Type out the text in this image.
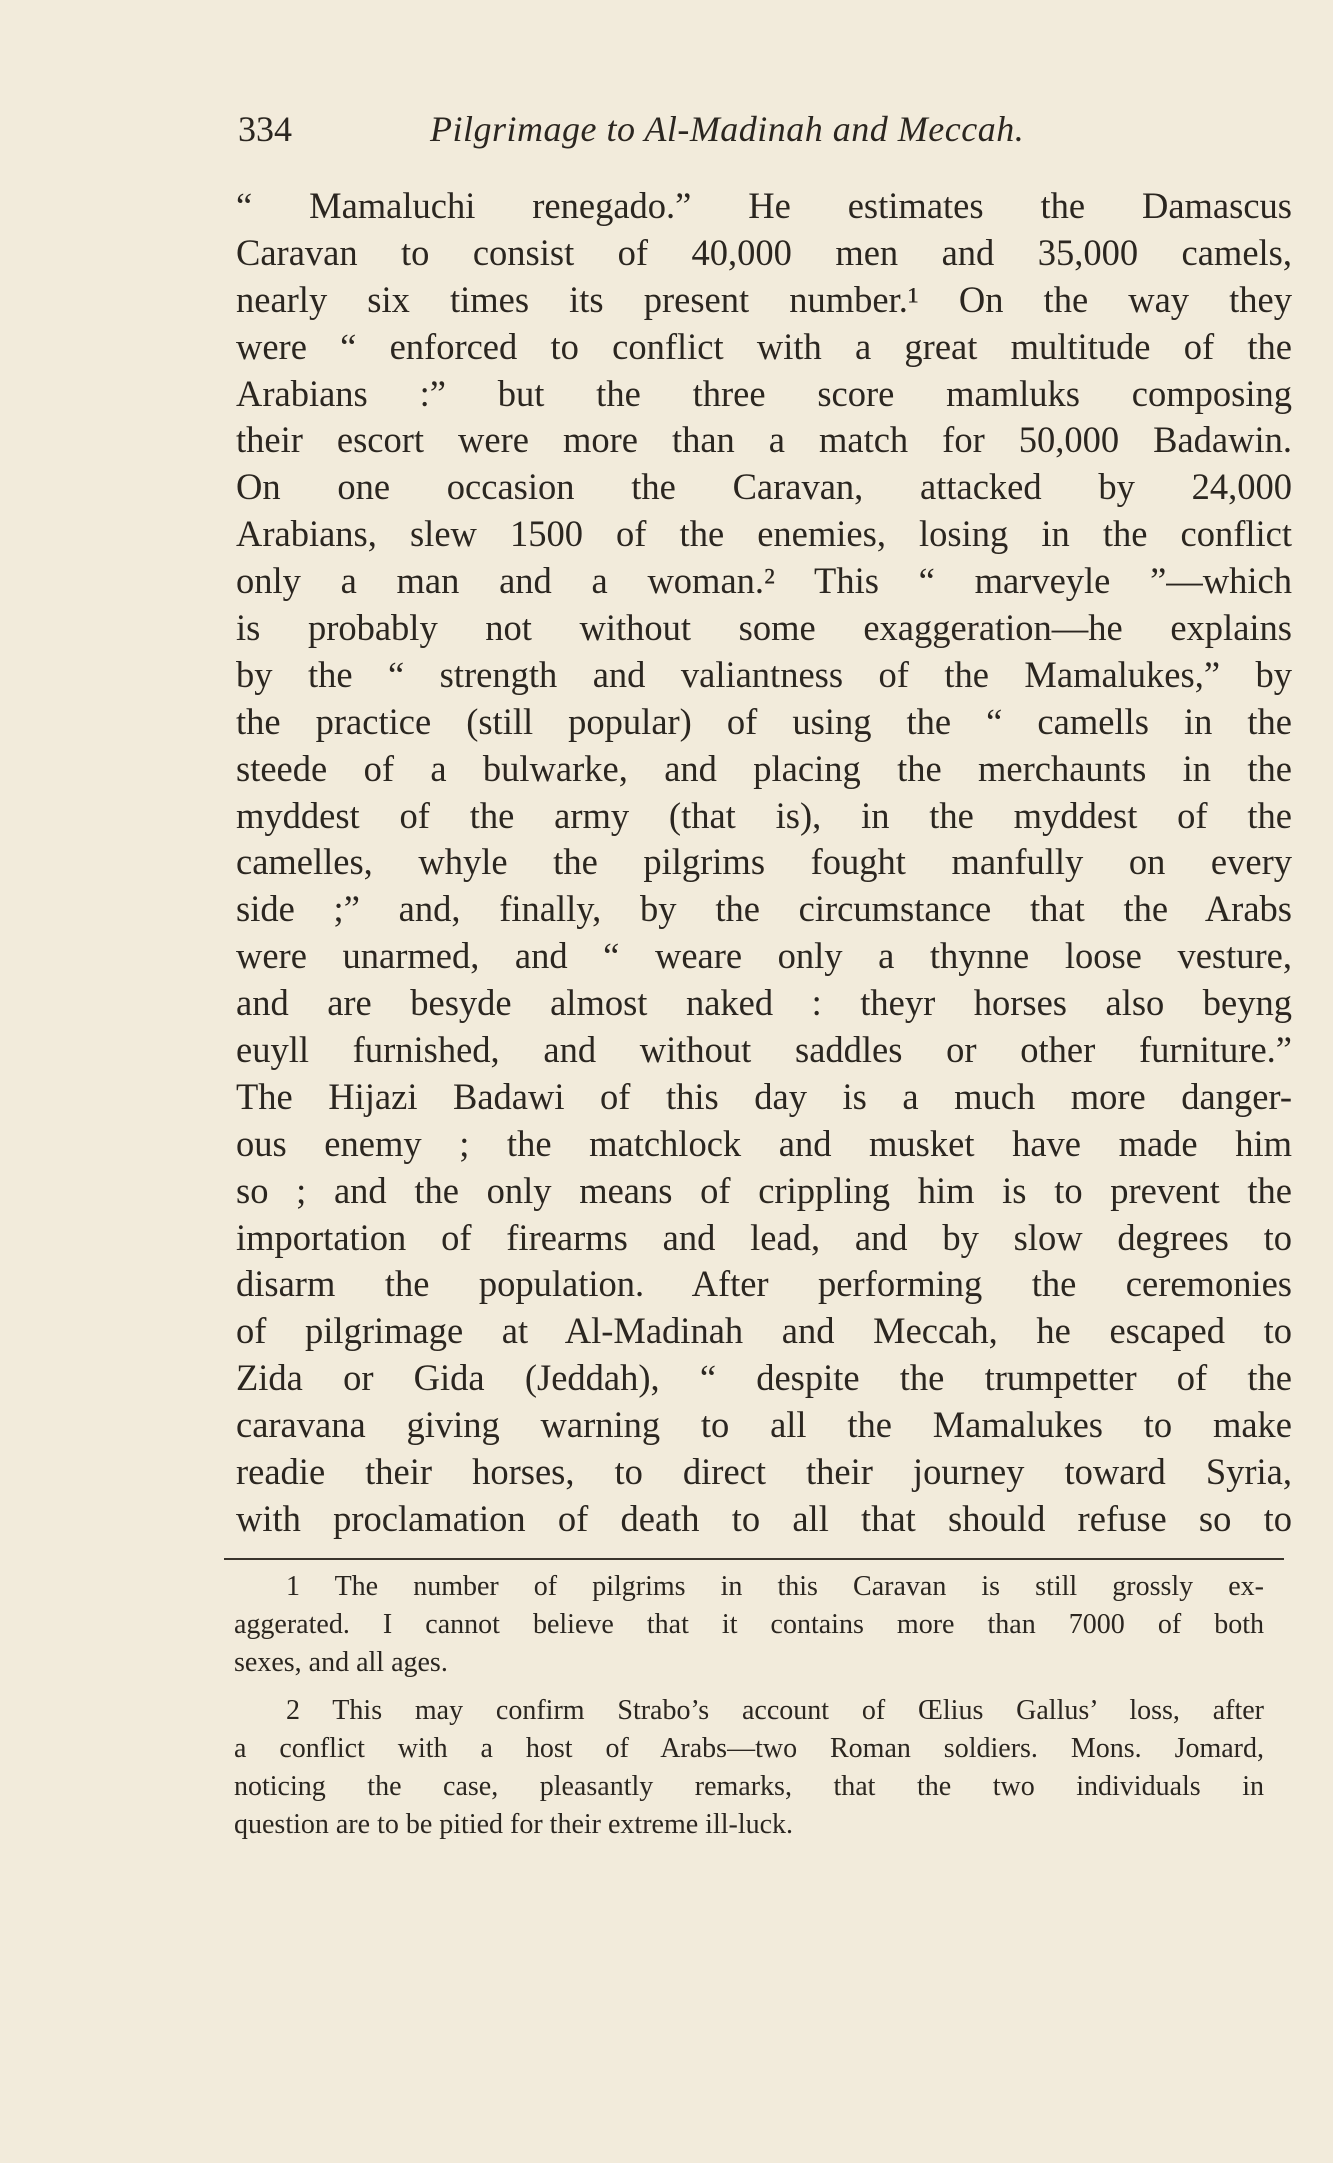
334	Pilgrimage to Al-Madinah and Meccah.
“ Mamaluchi renegado.” He estimates the Damascus
Caravan to consist of 40,000 men and 35,000 camels,
nearly six times its present number.¹ On the way they
were “ enforced to conflict with a great multitude of the
Arabians :” but the three score mamluks composing
their escort were more than a match for 50,000 Badawin.
On one occasion the Caravan, attacked by 24,000
Arabians, slew 1500 of the enemies, losing in the conflict
only a man and a woman.² This “ marveyle ”—which
is probably not without some exaggeration—he explains
by the “ strength and valiantness of the Mamalukes,” by
the practice (still popular) of using the “ camells in the
steede of a bulwarke, and placing the merchaunts in the
myddest of the army (that is), in the myddest of the
camelles, whyle the pilgrims fought manfully on every
side ;” and, finally, by the circumstance that the Arabs
were unarmed, and “ weare only a thynne loose vesture,
and are besyde almost naked : theyr horses also beyng
euyll furnished, and without saddles or other furniture.”
The Hijazi Badawi of this day is a much more danger-
ous enemy ; the matchlock and musket have made him
so ; and the only means of crippling him is to prevent the
importation of firearms and lead, and by slow degrees to
disarm the population. After performing the ceremonies
of pilgrimage at Al-Madinah and Meccah, he escaped to
Zida or Gida (Jeddah), “ despite the trumpetter of the
caravana giving warning to all the Mamalukes to make
readie their horses, to direct their journey toward Syria,
with proclamation of death to all that should refuse so to
1 The number of pilgrims in this Caravan is still grossly ex-
aggerated. I cannot believe that it contains more than 7000 of both
sexes, and all ages.
2 This may confirm Strabo’s account of Œlius Gallus’ loss, after
a conflict with a host of Arabs—two Roman soldiers. Mons. Jomard,
noticing the case, pleasantly remarks, that the two individuals in
question are to be pitied for their extreme ill-luck.
